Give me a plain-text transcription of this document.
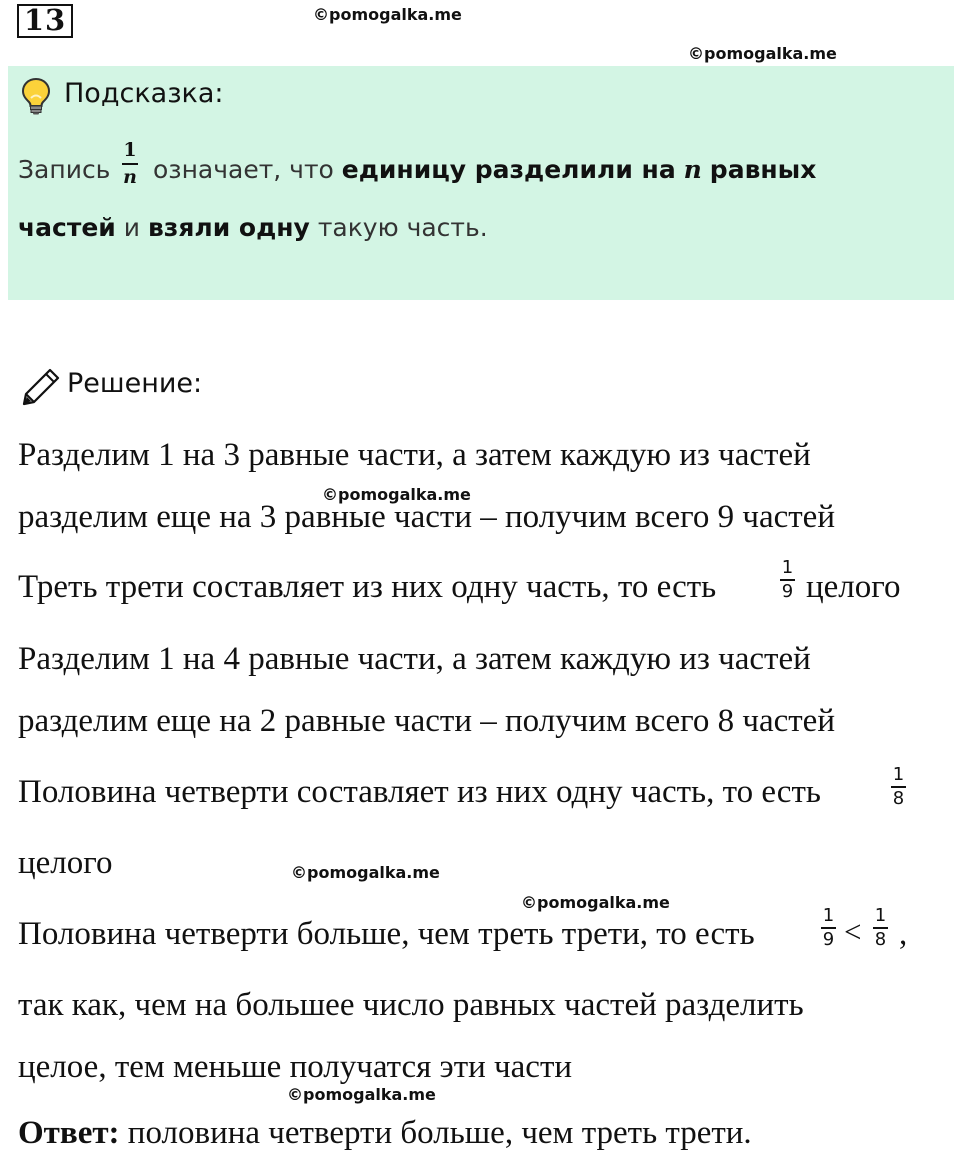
13	©pomogalka.me
©pomogalka.me
Подсказка:
Запись
1
n означает, что единицу разделили на n равных
частей и взяли одну такую часть.
Решение:
Разделим 1 на 3 равные части, а затем каждую из частей
©pomogalka.me
разделим еще на 3 равные части – получим всего 9 частей
Треть трети составляет из них одну часть, то есть
1
9 целого
Разделим 1 на 4 равные части, а затем каждую из частей
разделим еще на 2 равные части – получим всего 8 частей
Половина четверти составляет из них одну часть, то есть	1
8
целого	©pomogalka.me
©pomogalka.me
Половина четверти больше, чем треть трети, то есть
1
9 < 1
8 ,
так как, чем на большее число равных частей разделить
целое, тем меньше получатся эти части
©pomogalka.me
Ответ: половина четверти больше, чем треть трети.
